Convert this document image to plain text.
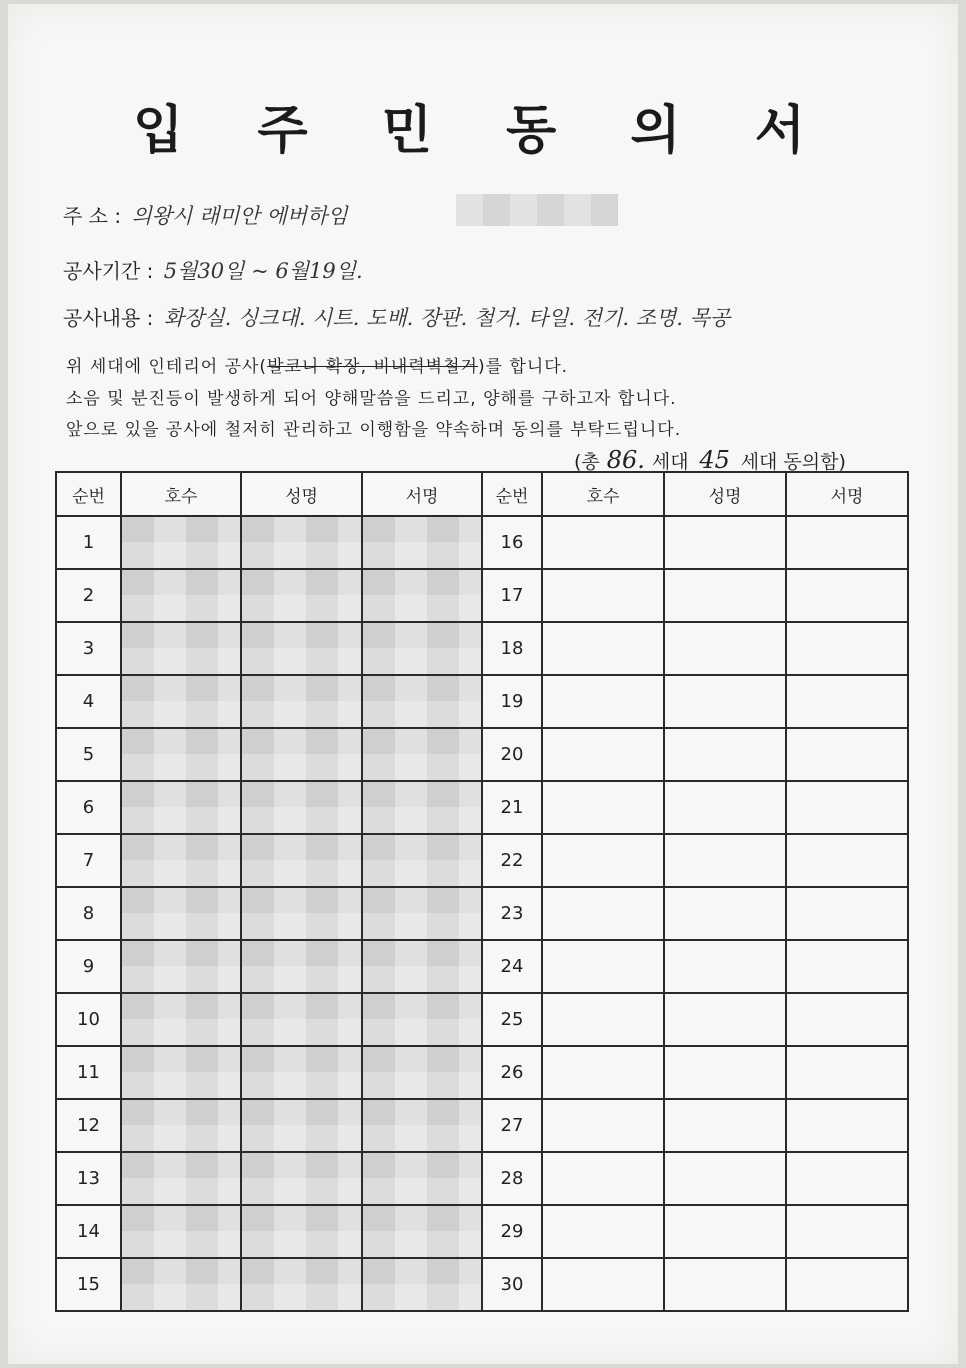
입 주 민 동 의 서
주 소 : 의왕시 래미안 에버하임
공사기간 : 5월30일 ~ 6월19일.
공사내용 : 화장실. 싱크대. 시트. 도배. 장판. 철거. 타일. 전기. 조명. 목공
위 세대에 인테리어 공사(발코니 확장, 비내력벽철거)를 합니다.
소음 및 분진등이 발생하게 되어 양해말씀을 드리고, 양해를 구하고자 합니다.
앞으로 있을 공사에 철저히 관리하고 이행함을 약속하며 동의를 부탁드립니다.
(총 86. 세대 45 세대 동의함)
순번	호수	성명	서명	순번	호수	성명	서명
1				16			
2				17			
3				18			
4				19			
5				20			
6				21			
7				22			
8				23			
9				24			
10				25			
11				26			
12				27			
13				28			
14				29			
15				30			
